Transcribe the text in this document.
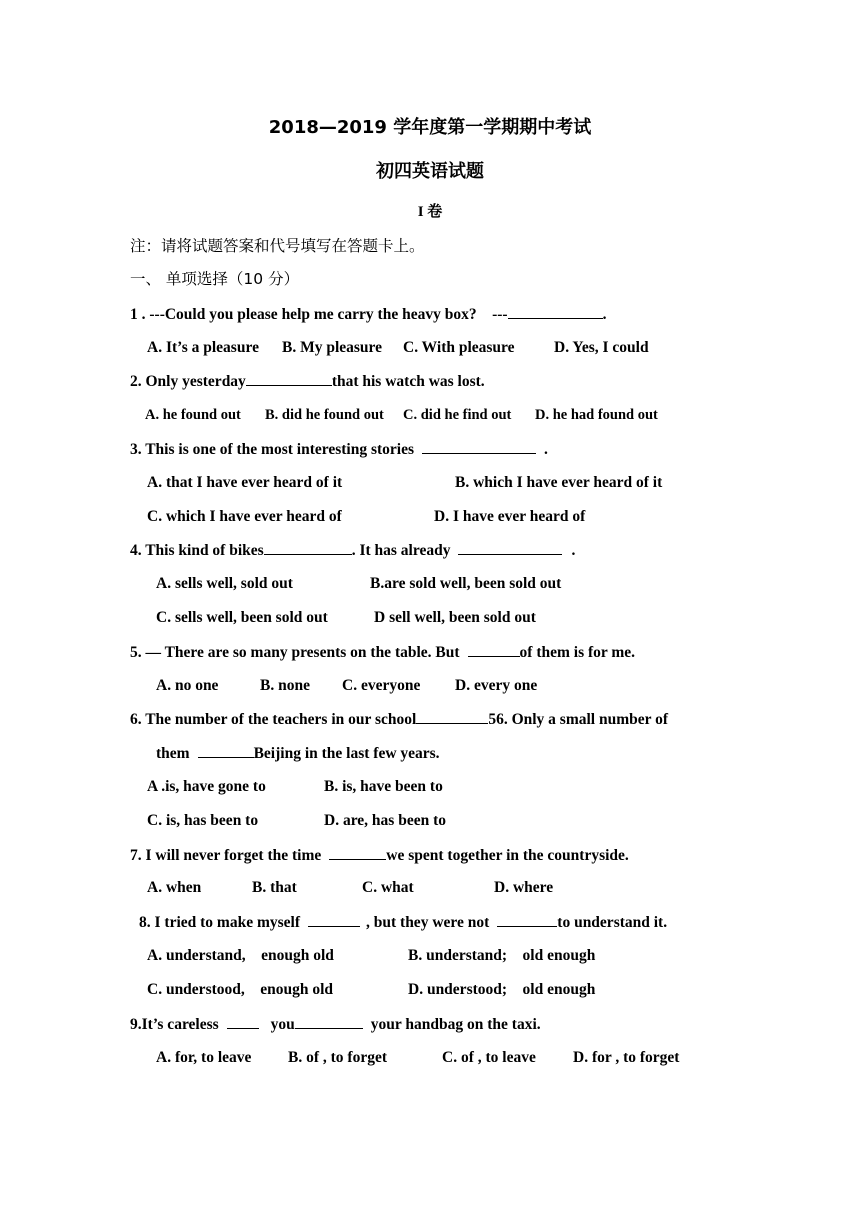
2018—2019 学年度第一学期期中考试
初四英语试题
I 卷
注：请将试题答案和代号填写在答题卡上。
一、 单项选择（10 分）
1 . ---Could you please help me carry the heavy box?    ---	.
A. It’s a pleasure B. My pleasure C. With pleasure	D. Yes, I could
2. Only yesterday	that his watch was lost.
A. he found out B. did he found out C. did he find out D. he had found out
3. This is one of the most interesting stories	.
A. that I have ever heard of it	B. which I have ever heard of it
C. which I have ever heard of	D. I have ever heard of
4. This kind of bikes	. It has already	.
A. sells well, sold out	B.are sold well, been sold out
C. sells well, been sold out	D sell well, been sold out
5. — There are so many presents on the table. But	of them is for me.
A. no one	B. none C. everyone D. every one
6. The number of the teachers in our school	56. Only a small number of
them	Beijing in the last few years.
A .is, have gone to	B. is, have been to
C. is, has been to	D. are, has been to
7. I will never forget the time	we spent together in the countryside.
A. when	B. that	C. what	D. where
8. I tried to make myself	, but they were not	to understand it.
A. understand,    enough old	B. understand;    old enough
C. understood,    enough old	D. understood;    old enough
9.It’s careless	you	your handbag on the taxi.
A. for, to leave B. of , to forget	C. of , to leave D. for , to forget
